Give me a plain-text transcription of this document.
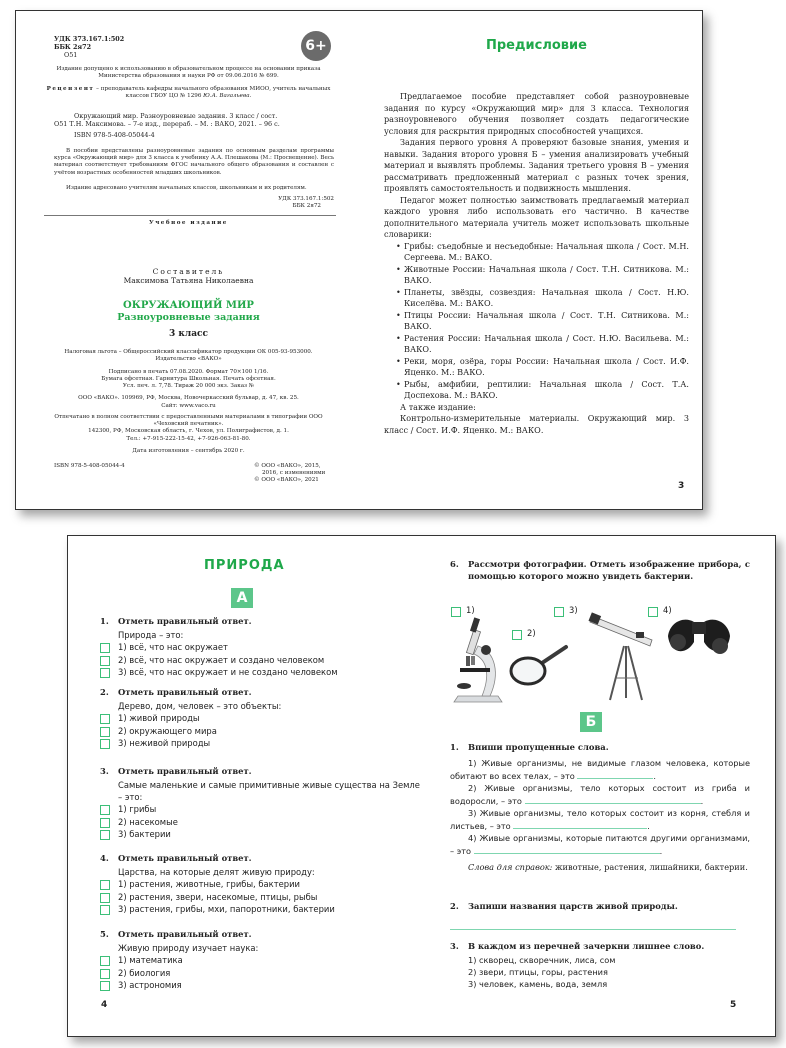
УДК 373.167.1:502
ББК 2я72
О51
6+
Издание допущено к использованию в образовательном процессе на основании приказа Министерства образования и науки РФ от 09.06.2016 № 699.
Рецензент – преподаватель кафедры начального образования МИОО, учитель начальных классов ГБОУ ЦО № 1296 Ю.А. Вагальева.
Окружающий мир. Разноуровневые задания. 3 класс / сост.
О51 Т.Н. Максимова. – 7-е изд., перераб. – М. : ВАКО, 2021. – 96 с.
ISBN 978-5-408-05044-4
В пособии представлены разноуровневые задания по основным разделам программы курса «Окружающий мир» для 3 класса к учебнику А.А. Плешакова (М.: Просвещение). Весь материал соответствует требованиям ФГОС начального общего образования и составлен с учётом возрастных особенностей младших школьников.
Издание адресовано учителям начальных классов, школьникам и их родителям.
УДК 373.167.1:502
ББК 2я72
Учебное издание
Составитель
Максимова Татьяна Николаевна
ОКРУЖАЮЩИЙ МИР
Разноуровневые задания
3 класс
Налоговая льгота – Общероссийский классификатор продукции ОК 005-93-953000. Издательство «ВАКО»
Подписано в печать 07.08.2020. Формат 70×100 1/16.
Бумага офсетная. Гарнитура Школьная. Печать офсетная.
Усл. печ. л. 7,78. Тираж 20 000 экз. Заказ №
ООО «ВАКО». 109969, РФ, Москва, Новочеркасский бульвар, д. 47, кв. 25.
Сайт: www.vaco.ru
Отпечатано в полном соответствии с предоставленными материалами в типографии ООО «Чеховский печатник».
142300, РФ, Московская область, г. Чехов, ул. Полиграфистов, д. 1.
Тел.: +7-915-222-15-42, +7-926-063-81-80.
Дата изготовления – сентябрь 2020 г.
ISBN 978-5-408-05044-4	© ООО «ВАКО», 2015,
2016, с изменениями
© ООО «ВАКО», 2021
Предисловие

Предлагаемое пособие представляет собой разноуровневые задания по курсу «Окружающий мир» для 3 класса. Технология разноуровневого обучения позволяет создать педагогические условия для раскрытия природных способностей учащихся.

Задания первого уровня А проверяют базовые знания, умения и навыки. Задания второго уровня Б – умения анализировать учебный материал и выявлять проблемы. Задания третьего уровня В – умения рассматривать предложенный материал с разных точек зрения, проявлять самостоятельность и подвижность мышления.

Педагог может полностью заимствовать предлагаемый материал каждого уровня либо использовать его частично. В качестве дополнительного материала учитель может использовать школьные словарики:

• Грибы: съедобные и несъедобные: Начальная школа / Сост. М.Н. Сергеева. М.: ВАКО.
• Животные России: Начальная школа / Сост. Т.Н. Ситникова. М.: ВАКО.
• Планеты, звёзды, созвездия: Начальная школа / Сост. Н.Ю. Киселёва. М.: ВАКО.
• Птицы России: Начальная школа / Сост. Т.Н. Ситникова. М.: ВАКО.
• Растения России: Начальная школа / Сост. Н.Ю. Васильева. М.: ВАКО.
• Реки, моря, озёра, горы России: Начальная школа / Сост. И.Ф. Яценко. М.: ВАКО.
• Рыбы, амфибии, рептилии: Начальная школа / Сост. Т.А. Доспехова. М.: ВАКО.

А также издание:

Контрольно-измерительные материалы. Окружающий мир. 3 класс / Сост. И.Ф. Яценко. М.: ВАКО.

3
ПРИРОДА
А
1. Отметь правильный ответ.
Природа – это:
1) всё, что нас окружает
2) всё, что нас окружает и создано человеком
3) всё, что нас окружает и не создано человеком
2. Отметь правильный ответ.
Дерево, дом, человек – это объекты:
1) живой природы
2) окружающего мира
3) неживой природы
3. Отметь правильный ответ.
Самые маленькие и самые примитивные живые существа на Земле – это:
1) грибы
2) насекомые
3) бактерии
4. Отметь правильный ответ.
Царства, на которые делят живую природу:
1) растения, животные, грибы, бактерии
2) растения, звери, насекомые, птицы, рыбы
3) растения, грибы, мхи, папоротники, бактерии
5. Отметь правильный ответ.
Живую природу изучает наука:
1) математика
2) биология
3) астрономия
4
6.	Рассмотри фотографии. Отметь изображение прибора, с помощью которого можно увидеть бактерии.
1)
2)
3)	4)
Б
1. Впиши пропущенные слова.

1) Живые организмы, не видимые глазом человека, которые обитают во всех телах, – это	.

2) Живые организмы, тело которых состоит из гриба и водоросли, – это	.

3) Живые организмы, тело которых состоит из корня, стебля и листьев, – это	.

4) Живые организмы, которые питаются другими организмами, – это	.

Слова для справок: животные, растения, лишайники, бактерии.

2. Запиши названия царств живой природы.
3. В каждом из перечней зачеркни лишнее слово.
1) скворец, скворечник, лиса, сом
2) звери, птицы, горы, растения
3) человек, камень, вода, земля
5
